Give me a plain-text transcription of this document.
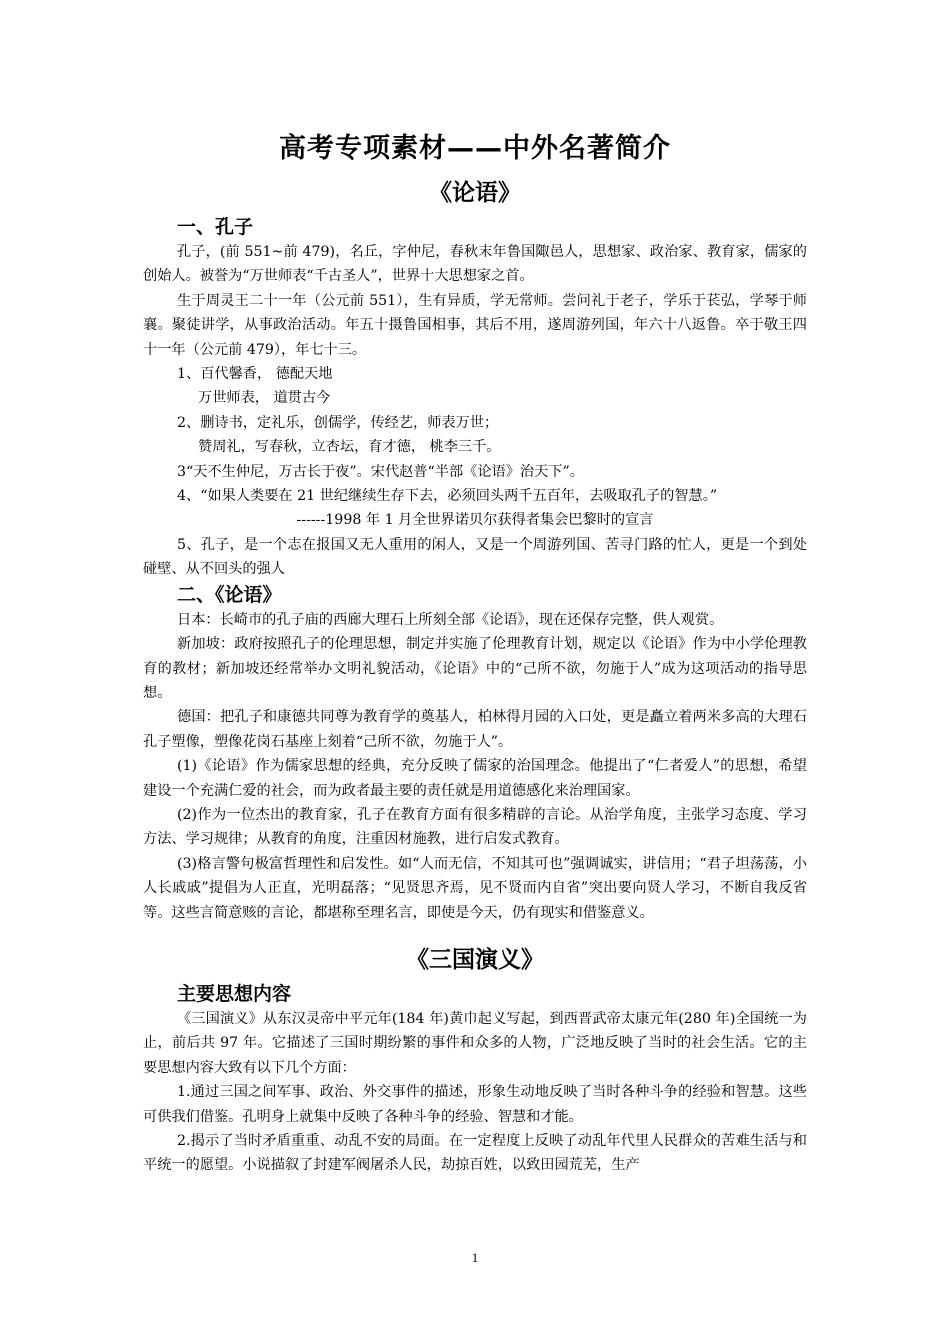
高考专项素材——中外名著简介
《论语》
一、孔子

孔子，(前 551~前 479)，名丘，字仲尼，春秋末年鲁国陬邑人，思想家、政治家、教育家，儒家的创始人。被誉为“万世师表“千古圣人”，世界十大思想家之首。

生于周灵王二十一年（公元前 551），生有异质，学无常师。尝问礼于老子，学乐于苌弘，学琴于师襄。聚徒讲学，从事政治活动。年五十摄鲁国相事，其后不用，遂周游列国，年六十八返鲁。卒于敬王四十一年（公元前 479），年七十三。

1、百代馨香， 德配天地

万世师表， 道贯古今

2、删诗书，定礼乐，创儒学，传经艺，师表万世；

赞周礼，写春秋，立杏坛，育才德， 桃李三千。

3“天不生仲尼，万古长于夜”。宋代赵普“半部《论语》治天下”。

4、“如果人类要在 21 世纪继续生存下去，必须回头两千五百年，去吸取孔子的智慧。”

------1998 年 1 月全世界诺贝尔获得者集会巴黎时的宣言

5、孔子，是一个志在报国又无人重用的闲人，又是一个周游列国、苦寻门路的忙人，更是一个到处碰壁、从不回头的强人

二、《论语》

日本：长崎市的孔子庙的西廊大理石上所刻全部《论语》，现在还保存完整，供人观赏。

新加坡：政府按照孔子的伦理思想，制定并实施了伦理教育计划，规定以《论语》作为中小学伦理教育的教材；新加坡还经常举办文明礼貌活动，《论语》中的“己所不欲，勿施于人”成为这项活动的指导思想。

德国：把孔子和康德共同尊为教育学的奠基人，柏林得月园的入口处，更是矗立着两米多高的大理石孔子塑像，塑像花岗石基座上刻着“己所不欲，勿施于人”。

(1)《论语》作为儒家思想的经典，充分反映了儒家的治国理念。他提出了“仁者爱人”的思想，希望建设一个充满仁爱的社会，而为政者最主要的责任就是用道德感化来治理国家。

(2)作为一位杰出的教育家，孔子在教育方面有很多精辟的言论。从治学角度，主张学习态度、学习方法、学习规律；从教育的角度，注重因材施教，进行启发式教育。

(3)格言警句极富哲理性和启发性。如“人而无信，不知其可也”强调诚实，讲信用；“君子坦荡荡，小人长戚戚”提倡为人正直，光明磊落；“见贤思齐焉，见不贤而内自省”突出要向贤人学习，不断自我反省等。这些言简意赅的言论，都堪称至理名言，即使是今天，仍有现实和借鉴意义。

《三国演义》
主要思想内容

《三国演义》从东汉灵帝中平元年(184 年)黄巾起义写起，到西晋武帝太康元年(280 年)全国统一为止，前后共 97 年。它描述了三国时期纷繁的事件和众多的人物，广泛地反映了当时的社会生活。它的主要思想内容大致有以下几个方面：

1.通过三国之间军事、政治、外交事件的描述，形象生动地反映了当时各种斗争的经验和智慧。这些可供我们借鉴。孔明身上就集中反映了各种斗争的经验、智慧和才能。

2.揭示了当时矛盾重重、动乱不安的局面。在一定程度上反映了动乱年代里人民群众的苦难生活与和平统一的愿望。小说描叙了封建军阀屠杀人民，劫掠百姓，以致田园荒芜，生产

1
